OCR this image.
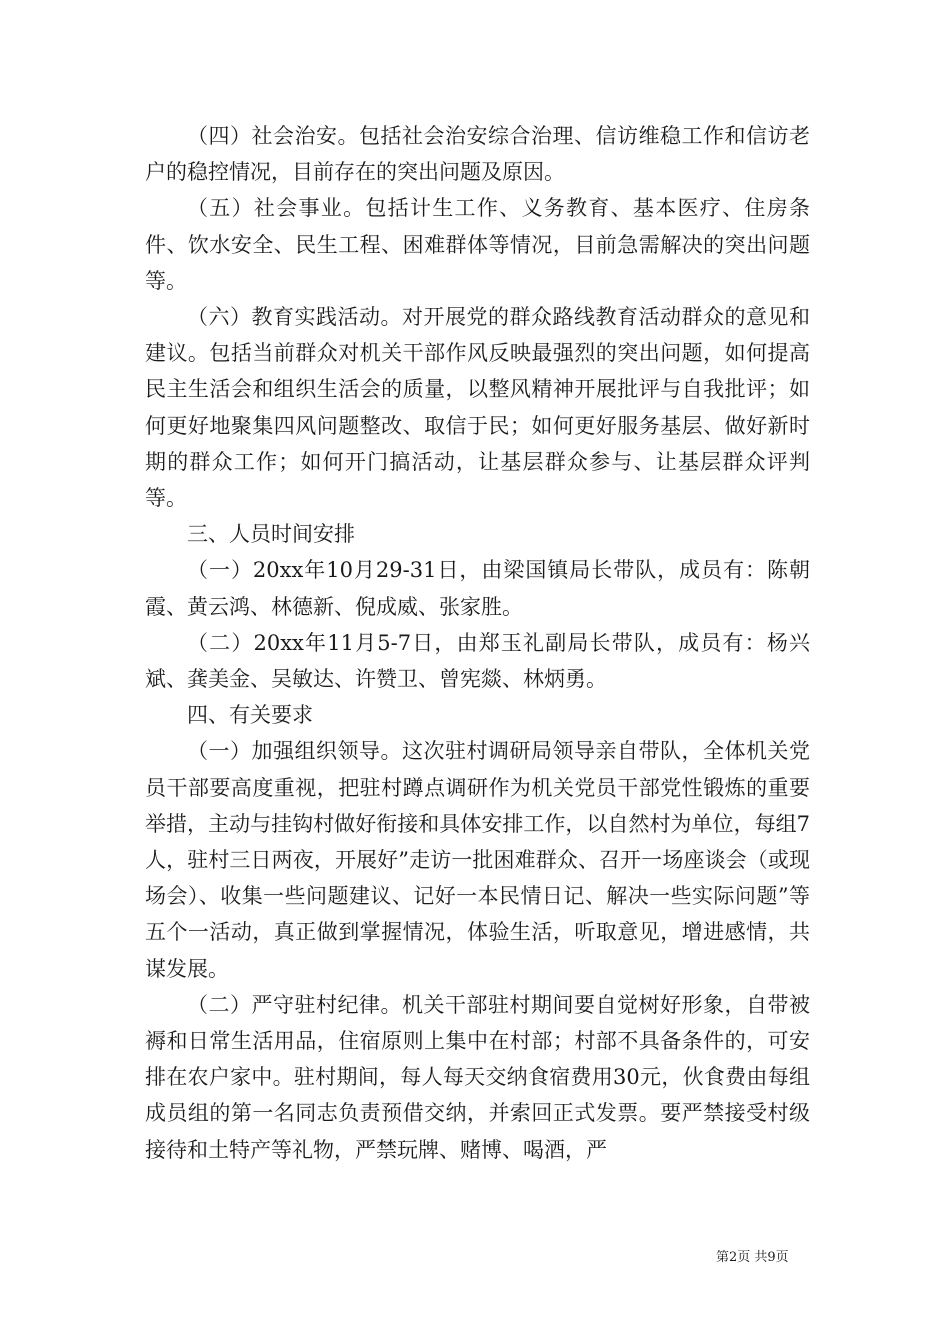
（四）社会治安。包括社会治安综合治理、信访维稳工作和信访老户的稳控情况，目前存在的突出问题及原因。

（五）社会事业。包括计生工作、义务教育、基本医疗、住房条件、饮水安全、民生工程、困难群体等情况，目前急需解决的突出问题等。

（六）教育实践活动。对开展党的群众路线教育活动群众的意见和建议。包括当前群众对机关干部作风反映最强烈的突出问题，如何提高民主生活会和组织生活会的质量，以整风精神开展批评与自我批评；如何更好地聚集四风问题整改、取信于民；如何更好服务基层、做好新时期的群众工作；如何开门搞活动，让基层群众参与、让基层群众评判等。

三、人员时间安排

（一）20xx年10月29-31日，由梁国镇局长带队，成员有：陈朝霞、黄云鸿、林德新、倪成威、张家胜。

（二）20xx年11月5-7日，由郑玉礼副局长带队，成员有：杨兴斌、龚美金、吴敏达、许赞卫、曾宪燚、林炳勇。

四、有关要求

（一）加强组织领导。这次驻村调研局领导亲自带队，全体机关党员干部要高度重视，把驻村蹲点调研作为机关党员干部党性锻炼的重要举措，主动与挂钩村做好衔接和具体安排工作，以自然村为单位，每组7人，驻村三日两夜，开展好”走访一批困难群众、召开一场座谈会（或现场会）、收集一些问题建议、记好一本民情日记、解决一些实际问题”等五个一活动，真正做到掌握情况，体验生活，听取意见，增进感情，共谋发展。

（二）严守驻村纪律。机关干部驻村期间要自觉树好形象，自带被褥和日常生活用品，住宿原则上集中在村部；村部不具备条件的，可安排在农户家中。驻村期间，每人每天交纳食宿费用30元，伙食费由每组成员组的第一名同志负责预借交纳，并索回正式发票。要严禁接受村级接待和土特产等礼物，严禁玩牌、赌博、喝酒，严

第2页 共9页
